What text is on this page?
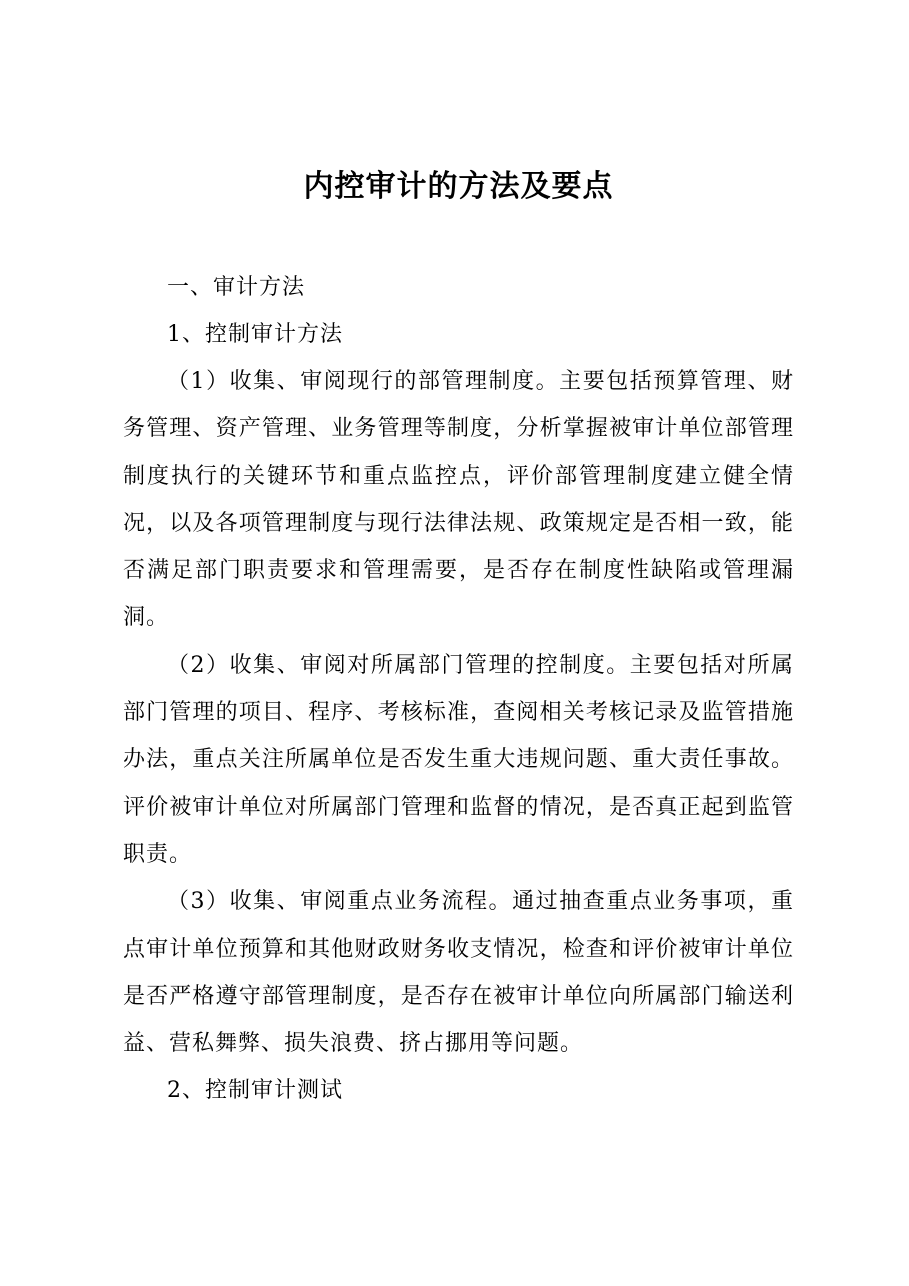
内控审计的方法及要点

一、审计方法

1、控制审计方法

（1）收集、审阅现行的部管理制度。主要包括预算管理、财务管理、资产管理、业务管理等制度，分析掌握被审计单位部管理制度执行的关键环节和重点监控点，评价部管理制度建立健全情况，以及各项管理制度与现行法律法规、政策规定是否相一致，能否满足部门职责要求和管理需要，是否存在制度性缺陷或管理漏洞。

（2）收集、审阅对所属部门管理的控制度。主要包括对所属部门管理的项目、程序、考核标准，查阅相关考核记录及监管措施办法，重点关注所属单位是否发生重大违规问题、重大责任事故。评价被审计单位对所属部门管理和监督的情况，是否真正起到监管职责。

（3）收集、审阅重点业务流程。通过抽查重点业务事项，重点审计单位预算和其他财政财务收支情况，检查和评价被审计单位是否严格遵守部管理制度，是否存在被审计单位向所属部门输送利益、营私舞弊、损失浪费、挤占挪用等问题。

2、控制审计测试
